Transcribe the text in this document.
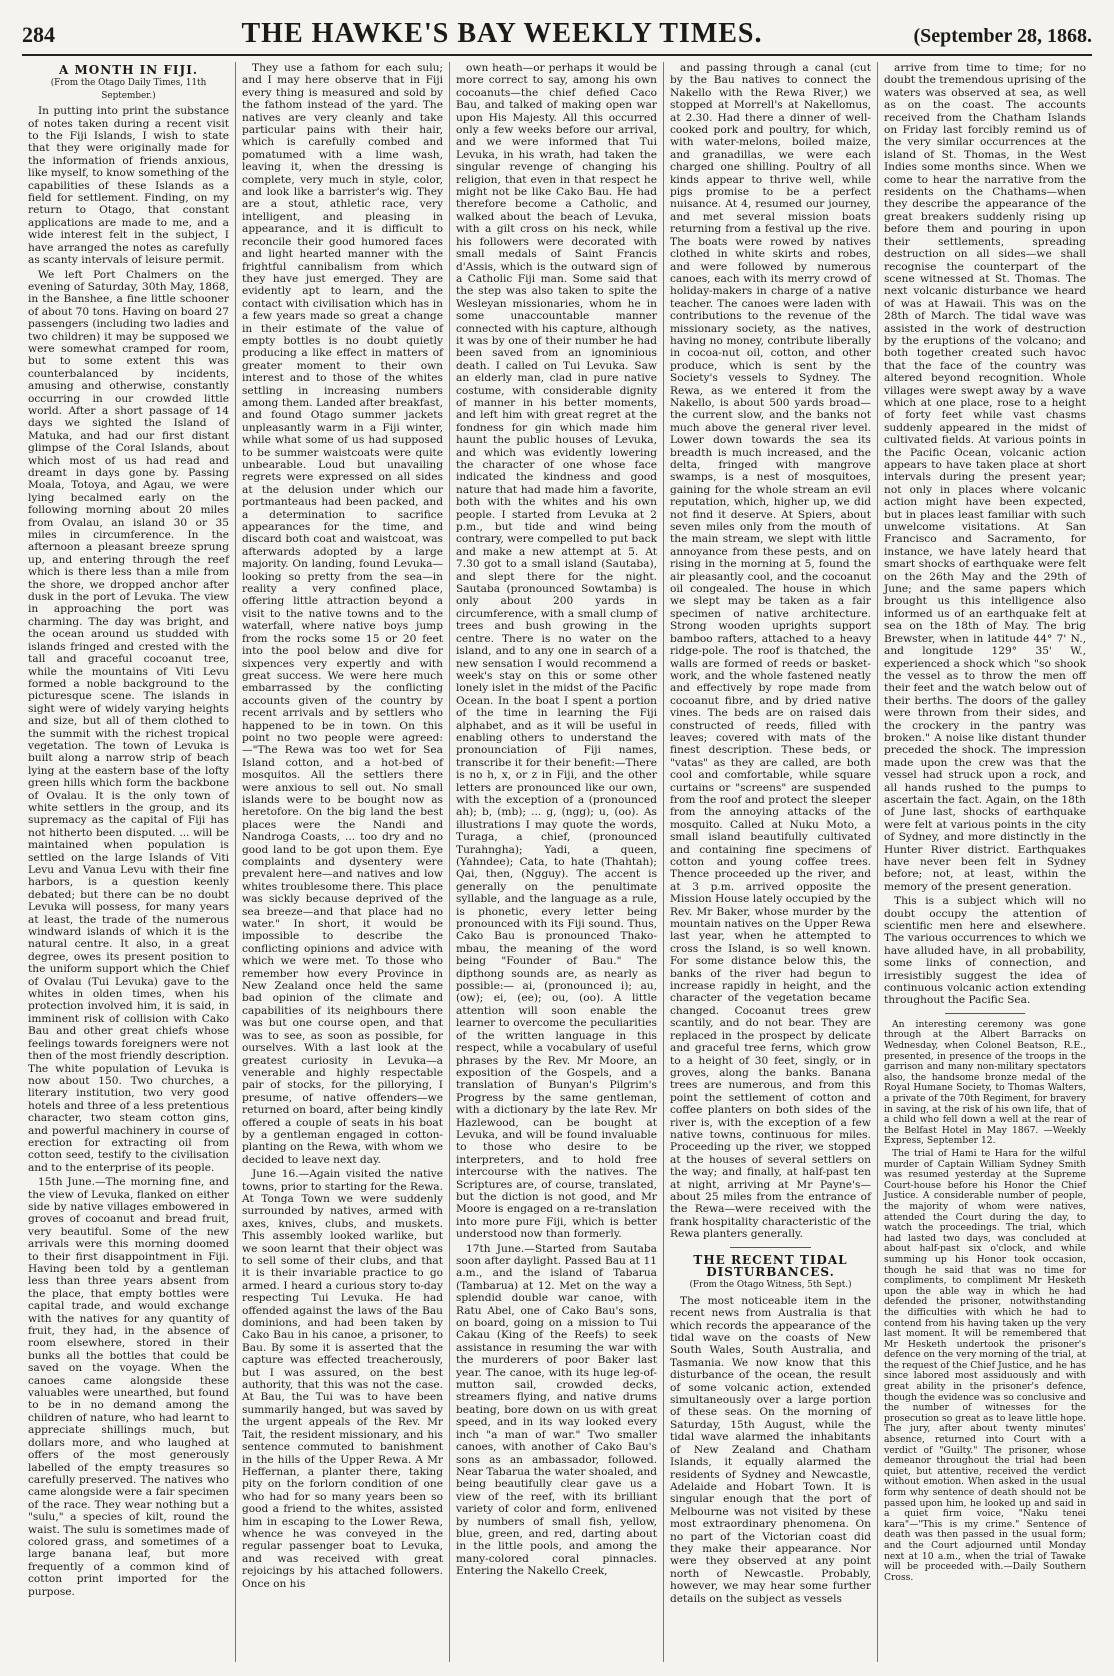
284	THE HAWKE'S BAY WEEKLY TIMES.	(September 28, 1868.
A MONTH IN FIJI.
(From the Otago Daily Times, 11th September.)

In putting into print the substance of notes taken during a recent visit to the Fiji Islands, I wish to state that they were originally made for the information of friends anxious, like myself, to know something of the capabilities of these Islands as a field for settlement. Finding, on my return to Otago, that constant applications are made to me, and a wide interest felt in the subject, I have arranged the notes as carefully as scanty intervals of leisure permit.

We left Port Chalmers on the evening of Saturday, 30th May, 1868, in the Banshee, a fine little schooner of about 70 tons. Having on board 27 passengers (including two ladies and two children) it may be supposed we were somewhat cramped for room, but to some extent this was counterbalanced by incidents, amusing and otherwise, constantly occurring in our crowded little world. After a short passage of 14 days we sighted the Island of Matuka, and had our first distant glimpse of the Coral Islands, about which most of us had read and dreamt in days gone by. Passing Moala, Totoya, and Agau, we were lying becalmed early on the following morning about 20 miles from Ovalau, an island 30 or 35 miles in circumference. In the afternoon a pleasant breeze sprung up, and entering through the reef which is there less than a mile from the shore, we dropped anchor after dusk in the port of Levuka. The view in approaching the port was charming. The day was bright, and the ocean around us studded with islands fringed and crested with the tall and graceful cocoanut tree, while the mountains of Viti Levu formed a noble background to the picturesque scene. The islands in sight were of widely varying heights and size, but all of them clothed to the summit with the richest tropical vegetation. The town of Levuka is built along a narrow strip of beach lying at the eastern base of the lofty green hills which form the backbone of Ovalau. It is the only town of white settlers in the group, and its supremacy as the capital of Fiji has not hitherto been disputed. ... will be maintained when population is settled on the large Islands of Viti Levu and Vanua Levu with their fine harbors, is a question keenly debated; but there can be no doubt Levuka will possess, for many years at least, the trade of the numerous windward islands of which it is the natural centre. It also, in a great degree, owes its present position to the uniform support which the Chief of Ovalau (Tui Levuka) gave to the whites in olden times, when his protection involved him, it is said, in imminent risk of collision with Cako Bau and other great chiefs whose feelings towards foreigners were not then of the most friendly description. The white population of Levuka is now about 150. Two churches, a literary institution, two very good hotels and three of a less pretentious character, two steam cotton gins, and powerful machinery in course of erection for extracting oil from cotton seed, testify to the civilisation and to the enterprise of its people.

15th June.—The morning fine, and the view of Levuka, flanked on either side by native villages embowered in groves of cocoanut and bread fruit, very beautiful. Some of the new arrivals were this morning doomed to their first disappointment in Fiji. Having been told by a gentleman less than three years absent from the place, that empty bottles were capital trade, and would exchange with the natives for any quantity of fruit, they had, in the absence of room elsewhere, stored in their bunks all the bottles that could be saved on the voyage. When the canoes came alongside these valuables were unearthed, but found to be in no demand among the children of nature, who had learnt to appreciate shillings much, but dollars more, and who laughed at offers of the most generously labelled of the empty treasures so carefully preserved. The natives who came alongside were a fair specimen of the race. They wear nothing but a "sulu," a species of kilt, round the waist. The sulu is sometimes made of colored grass, and sometimes of a large banana leaf, but more frequently of a common kind of cotton print imported for the purpose.

They use a fathom for each sulu; and I may here observe that in Fiji every thing is measured and sold by the fathom instead of the yard. The natives are very cleanly and take particular pains with their hair, which is carefully combed and pomatumed with a lime wash, leaving it, when the dressing is complete, very much in style, color, and look like a barrister's wig. They are a stout, athletic race, very intelligent, and pleasing in appearance, and it is difficult to reconcile their good humored faces and light hearted manner with the frightful cannibalism from which they have just emerged. They are evidently apt to learn, and the contact with civilisation which has in a few years made so great a change in their estimate of the value of empty bottles is no doubt quietly producing a like effect in matters of greater moment to their own interest and to those of the whites settling in increasing numbers among them. Landed after breakfast, and found Otago summer jackets unpleasantly warm in a Fiji winter, while what some of us had supposed to be summer waistcoats were quite unbearable. Loud but unavailing regrets were expressed on all sides at the delusion under which our portmanteaus had been packed, and a determination to sacrifice appearances for the time, and discard both coat and waistcoat, was afterwards adopted by a large majority. On landing, found Levuka—looking so pretty from the sea—in reality a very confined place, offering little attraction beyond a visit to the native towns and to the waterfall, where native boys jump from the rocks some 15 or 20 feet into the pool below and dive for sixpences very expertly and with great success. We were here much embarrassed by the conflicting accounts given of the country by recent arrivals and by settlers who happened to be in town. On this point no two people were agreed: —"The Rewa was too wet for Sea Island cotton, and a hot-bed of mosquitos. All the settlers there were anxious to sell out. No small islands were to be bought now as heretofore. On the big land the best places were the Nandi and Nandroga Coasts, ... too dry and no good land to be got upon them. Eye complaints and dysentery were prevalent here—and natives and low whites troublesome there. This place was sickly because deprived of the sea breeze—and that place had no water." In short, it would be impossible to describe the conflicting opinions and advice with which we were met. To those who remember how every Province in New Zealand once held the same bad opinion of the climate and capabilities of its neighbours there was but one course open, and that was to see, as soon as possible, for ourselves. With a last look at the greatest curiosity in Levuka—a venerable and highly respectable pair of stocks, for the pillorying, I presume, of native offenders—we returned on board, after being kindly offered a couple of seats in his boat by a gentleman engaged in cotton-planting on the Rewa, with whom we decided to leave next day.

June 16.—Again visited the native towns, prior to starting for the Rewa. At Tonga Town we were suddenly surrounded by natives, armed with axes, knives, clubs, and muskets. This assembly looked warlike, but we soon learnt that their object was to sell some of their clubs, and that it is their invariable practice to go armed. I heard a curious story to-day respecting Tui Levuka. He had offended against the laws of the Bau dominions, and had been taken by Cako Bau in his canoe, a prisoner, to Bau. By some it is asserted that the capture was effected treacherously, but I was assured, on the best authority, that this was not the case. At Bau, the Tui was to have been summarily hanged, but was saved by the urgent appeals of the Rev. Mr Tait, the resident missionary, and his sentence commuted to banishment in the hills of the Upper Rewa. A Mr Heffernan, a planter there, taking pity on the forlorn condition of one who had for so many years been so good a friend to the whites, assisted him in escaping to the Lower Rewa, whence he was conveyed in the regular passenger boat to Levuka, and was received with great rejoicings by his attached followers. Once on his

own heath—or perhaps it would be more correct to say, among his own cocoanuts—the chief defied Caco Bau, and talked of making open war upon His Majesty. All this occurred only a few weeks before our arrival, and we were informed that Tui Levuka, in his wrath, had taken the singular revenge of changing his religion, that even in that respect he might not be like Cako Bau. He had therefore become a Catholic, and walked about the beach of Levuka, with a gilt cross on his neck, while his followers were decorated with small medals of Saint Francis d'Assis, which is the outward sign of a Catholic Fiji man. Some said that the step was also taken to spite the Wesleyan missionaries, whom he in some unaccountable manner connected with his capture, although it was by one of their number he had been saved from an ignominious death. I called on Tui Levuka. Saw an elderly man, clad in pure native costume, with considerable dignity of manner in his better moments, and left him with great regret at the fondness for gin which made him haunt the public houses of Levuka, and which was evidently lowering the character of one whose face indicated the kindness and good nature that had made him a favorite, both with the whites and his own people. I started from Levuka at 2 p.m., but tide and wind being contrary, were compelled to put back and make a new attempt at 5. At 7.30 got to a small island (Sautaba), and slept there for the night. Sautaba (pronounced Sowtamba) is only about 200 yards in circumference, with a small clump of trees and bush growing in the centre. There is no water on the island, and to any one in search of a new sensation I would recommend a week's stay on this or some other lonely islet in the midst of the Pacific Ocean. In the boat I spent a portion of the time in learning the Fiji alphabet, and as it will be useful in enabling others to understand the pronounciation of Fiji names, transcribe it for their benefit:—There is no h, x, or z in Fiji, and the other letters are pronounced like our own, with the exception of a (pronounced ah); b, (mb); ... g, (ngg); u, (oo). As illustrations I may quote the words, Turaga, a chief, (pronounced Turahngha); Yadi, a queen, (Yahndee); Cata, to hate (Thahtah); Qai, then, (Ngguy). The accent is generally on the penultimate syllable, and the language as a rule, is phonetic, every letter being pronounced with its Fiji sound. Thus, Cako Bau is pronounced Thako-mbau, the meaning of the word being "Founder of Bau." The dipthong sounds are, as nearly as possible:— ai, (pronounced i); au, (ow); ei, (ee); ou, (oo). A little attention will soon enable the learner to overcome the peculiarities of the written language in this respect, while a vocabulary of useful phrases by the Rev. Mr Moore, an exposition of the Gospels, and a translation of Bunyan's Pilgrim's Progress by the same gentleman, with a dictionary by the late Rev. Mr Hazlewood, can be bought at Levuka, and will be found invaluable to those who desire to be interpreters, and to hold free intercourse with the natives. The Scriptures are, of course, translated, but the diction is not good, and Mr Moore is engaged on a re-translation into more pure Fiji, which is better understood now than formerly.

17th June.—Started from Sautaba soon after daylight. Passed Bau at 11 a.m., and the island of Tabarua (Tambarua) at 12. Met on the way a splendid double war canoe, with Ratu Abel, one of Cako Bau's sons, on board, going on a mission to Tui Cakau (King of the Reefs) to seek assistance in resuming the war with the murderers of poor Baker last year. The canoe, with its huge leg-of-mutton sail, crowded decks, streamers flying, and native drums beating, bore down on us with great speed, and in its way looked every inch "a man of war." Two smaller canoes, with another of Cako Bau's sons as an ambassador, followed. Near Tabarua the water shoaled, and being beautifully clear gave us a view of the reef, with its brilliant variety of color and form, enlivened by numbers of small fish, yellow, blue, green, and red, darting about in the little pools, and among the many-colored coral pinnacles. Entering the Nakello Creek,

and passing through a canal (cut by the Bau natives to connect the Nakello with the Rewa River,) we stopped at Morrell's at Nakellomus, at 2.30. Had there a dinner of well-cooked pork and poultry, for which, with water-melons, boiled maize, and granadillas, we were each charged one shilling. Poultry of all kinds appear to thrive well, while pigs promise to be a perfect nuisance. At 4, resumed our journey, and met several mission boats returning from a festival up the rive. The boats were rowed by natives clothed in white skirts and robes, and were followed by numerous canoes, each with its merry crowd of holiday-makers in charge of a native teacher. The canoes were laden with contributions to the revenue of the missionary society, as the natives, having no money, contribute liberally in cocoa-nut oil, cotton, and other produce, which is sent by the Society's vessels to Sydney. The Rewa, as we entered it from the Nakello, is about 500 yards broad—the current slow, and the banks not much above the general river level. Lower down towards the sea its breadth is much increased, and the delta, fringed with mangrove swamps, is a nest of mosquitoes, gaining for the whole stream an evil reputation, which, higher up, we did not find it deserve. At Spiers, about seven miles only from the mouth of the main stream, we slept with little annoyance from these pests, and on rising in the morning at 5, found the air pleasantly cool, and the cocoanut oil congealed. The house in which we slept may be taken as a fair specimen of native architecture. Strong wooden uprights support bamboo rafters, attached to a heavy ridge-pole. The roof is thatched, the walls are formed of reeds or basket-work, and the whole fastened neatly and effectively by rope made from cocoanut fibre, and by dried native vines. The beds are on raised dais constructed of reeds, filled with leaves; covered with mats of the finest description. These beds, or "vatas" as they are called, are both cool and comfortable, while square curtains or "screens" are suspended from the roof and protect the sleeper from the annoying attacks of the mosquito. Called at Nuku Moto, a small island beautifully cultivated and containing fine specimens of cotton and young coffee trees. Thence proceeded up the river, and at 3 p.m. arrived opposite the Mission House lately occupied by the Rev. Mr Baker, whose murder by the mountain natives on the Upper Rewa last year, when he attempted to cross the Island, is so well known. For some distance below this, the banks of the river had begun to increase rapidly in height, and the character of the vegetation became changed. Cocoanut trees grew scantily, and do not bear. They are replaced in the prospect by delicate and graceful tree ferns, which grow to a height of 30 feet, singly, or in groves, along the banks. Banana trees are numerous, and from this point the settlement of cotton and coffee planters on both sides of the river is, with the exception of a few native towns, continuous for miles. Proceeding up the river, we stopped at the houses of several settlers on the way; and finally, at half-past ten at night, arriving at Mr Payne's—about 25 miles from the entrance of the Rewa—were received with the frank hospitality characteristic of the Rewa planters generally.

THE RECENT TIDAL DISTURBANCES.
(From the Otago Witness, 5th Sept.)

The most noticeable item in the recent news from Australia is that which records the appearance of the tidal wave on the coasts of New South Wales, South Australia, and Tasmania. We now know that this disturbance of the ocean, the result of some volcanic action, extended simultaneously over a large portion of these seas. On the morning of Saturday, 15th August, while the tidal wave alarmed the inhabitants of New Zealand and Chatham Islands, it equally alarmed the residents of Sydney and Newcastle, Adelaide and Hobart Town. It is singular enough that the port of Melbourne was not visited by these most extraordinary phenomena. On no part of the Victorian coast did they make their appearance. Nor were they observed at any point north of Newcastle. Probably, however, we may hear some further details on the subject as vessels

arrive from time to time; for no doubt the tremendous uprising of the waters was observed at sea, as well as on the coast. The accounts received from the Chatham Islands on Friday last forcibly remind us of the very similar occurrences at the island of St. Thomas, in the West Indies some months since. When we come to hear the narrative from the residents on the Chathams—when they describe the appearance of the great breakers suddenly rising up before them and pouring in upon their settlements, spreading destruction on all sides—we shall recognise the counterpart of the scene witnessed at St. Thomas. The next volcanic disturbance we heard of was at Hawaii. This was on the 28th of March. The tidal wave was assisted in the work of destruction by the eruptions of the volcano; and both together created such havoc that the face of the country was altered beyond recognition. Whole villages were swept away by a wave which at one place, rose to a height of forty feet while vast chasms suddenly appeared in the midst of cultivated fields. At various points in the Pacific Ocean, volcanic action appears to have taken place at short intervals during the present year; not only in places where volcanic action might have been expected, but in places least familiar with such unwelcome visitations. At San Francisco and Sacramento, for instance, we have lately heard that smart shocks of earthquake were felt on the 26th May and the 29th of June; and the same papers which brought us this intelligence also informed us of an earthquake felt at sea on the 18th of May. The brig Brewster, when in latitude 44° 7' N., and longitude 129° 35' W., experienced a shock which "so shook the vessel as to throw the men off their feet and the watch below out of their berths. The doors of the galley were thrown from their sides, and the crockery in the pantry was broken." A noise like distant thunder preceded the shock. The impression made upon the crew was that the vessel had struck upon a rock, and all hands rushed to the pumps to ascertain the fact. Again, on the 18th of June last, shocks of earthquake were felt at various points in the city of Sydney, and more distinctly in the Hunter River district. Earthquakes have never been felt in Sydney before; not, at least, within the memory of the present generation.

This is a subject which will no doubt occupy the attention of scientific men here and elsewhere. The various occurrences to which we have alluded have, in all probability, some links of connection, and irresistibly suggest the idea of continuous volcanic action extending throughout the Pacific Sea.

An interesting ceremony was gone through at the Albert Barracks on Wednesday, when Colonel Beatson, R.E., presented, in presence of the troops in the garrison and many non-military spectators also, the handsome bronze medal of the Royal Humane Society, to Thomas Walters, a private of the 70th Regiment, for bravery in saving, at the risk of his own life, that of a child who fell down a well at the rear of the Belfast Hotel in May 1867. —Weekly Express, September 12.

The trial of Hami te Hara for the wilful murder of Captain William Sydney Smith was resumed yesterday at the Supreme Court-house before his Honor the Chief Justice. A considerable number of people, the majority of whom were natives, attended the Court during the day, to watch the proceedings. The trial, which had lasted two days, was concluded at about half-past six o'clock, and while summing up his Honor took occasion, though he said that was no time for compliments, to compliment Mr Hesketh upon the able way in which he had defended the prisoner, notwithstanding the difficulties with which he had to contend from his having taken up the very last moment. It will be remembered that Mr Hesketh undertook the prisoner's defence on the very morning of the trial, at the request of the Chief Justice, and he has since labored most assiduously and with great ability in the prisoner's defence, though the evidence was so conclusive and the number of witnesses for the prosecution so great as to leave little hope. The jury, after about twenty minutes' absence, returned into Court with a verdict of "Guilty." The prisoner, whose demeanor throughout the trial had been quiet, but attentive, received the verdict without emotion. When asked in the usual form why sentence of death should not be passed upon him, he looked up and said in a quiet firm voice, "Naku tenei kara"—"This is my crime." Sentence of death was then passed in the usual form; and the Court adjourned until Monday next at 10 a.m., when the trial of Tawake will be proceeded with.—Daily Southern Cross.
